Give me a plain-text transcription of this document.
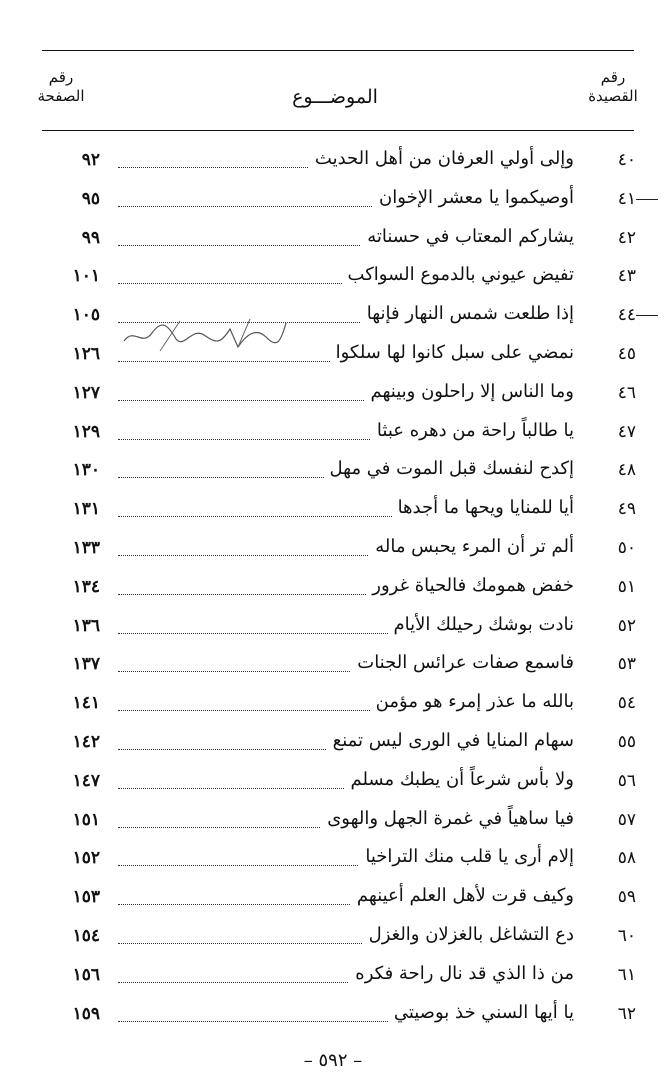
رقم
الصفحة	الموضـــوع
رقم
القصيدة
٤٠
وإلى أولي العرفان من أهل الحديث
٩٢
٤١
أوصيكموا يا معشر الإخوان
٩٥
٤٢
يشاركم المعتاب في حسناته
٩٩
٤٣
تفيض عيوني بالدموع السواكب
١٠١
٤٤
إذا طلعت شمس النهار فإنها
١٠٥
٤٥
نمضي على سبل كانوا لها سلكوا
١٢٦
٤٦
وما الناس إلا راحلون وبينهم
١٢٧
٤٧
يا طالباً راحة من دهره عبثا
١٢٩
٤٨
إكدح لنفسك قبل الموت في مهل
١٣٠
٤٩
أيا للمنايا ويحها ما أجدها
١٣١
٥٠
ألم تر أن المرء يحبس ماله
١٣٣
٥١
خفض همومك فالحياة غرور
١٣٤
٥٢
نادت بوشك رحيلك الأيام
١٣٦
٥٣
فاسمع صفات عرائس الجنات
١٣٧
٥٤
بالله ما عذر إمرء هو مؤمن
١٤١
٥٥
سهام المنايا في الورى ليس تمنع
١٤٢
٥٦
ولا بأس شرعاً أن يطبك مسلم
١٤٧
٥٧
فيا ساهياً في غمرة الجهل والهوى
١٥١
٥٨
إلام أرى يا قلب منك التراخيا
١٥٢
٥٩
وكيف قرت لأهل العلم أعينهم
١٥٣
٦٠
دع التشاغل بالغزلان والغزل
١٥٤
٦١
من ذا الذي قد نال راحة فكره
١٥٦
٦٢
يا أيها السني خذ بوصيتي
١٥٩
– ٥٩٢ –
